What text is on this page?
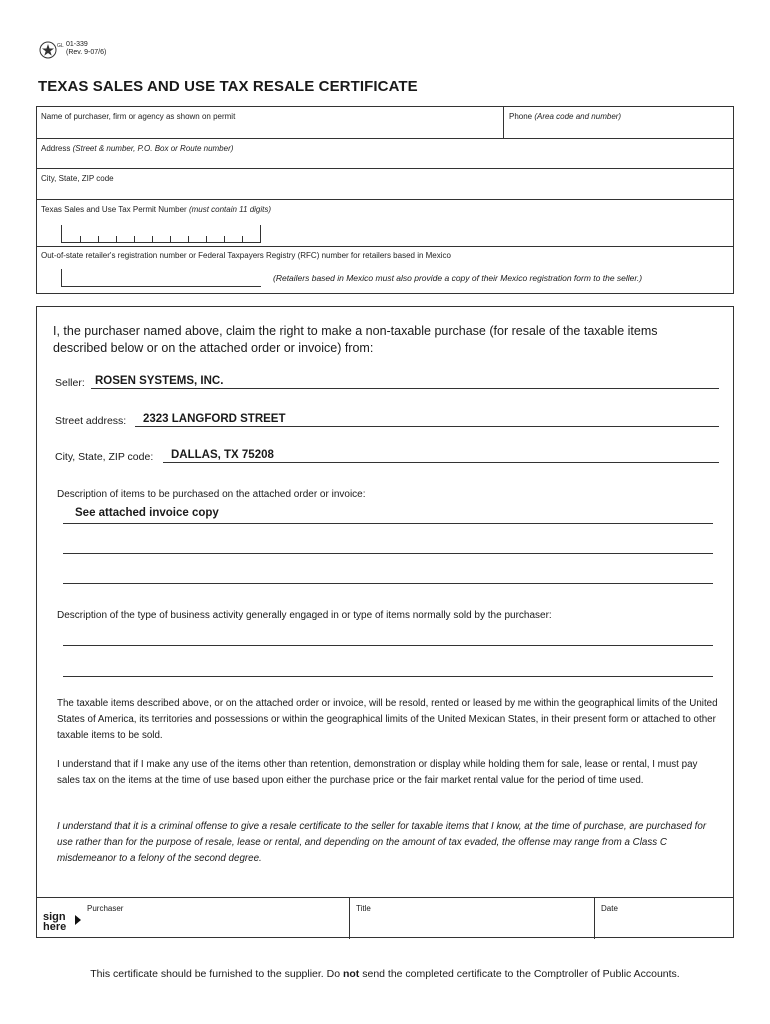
GL 01-339
(Rev. 9-07/6)
TEXAS SALES AND USE TAX RESALE CERTIFICATE
Name of purchaser, firm or agency as shown on permit	Phone (Area code and number)
Address (Street & number, P.O. Box or Route number)
City, State, ZIP code
Texas Sales and Use Tax Permit Number (must contain 11 digits)
Out-of-state retailer's registration number or Federal Taxpayers Registry (RFC) number for retailers based in Mexico
(Retailers based in Mexico must also provide a copy of their Mexico registration form to the seller.)
I, the purchaser named above, claim the right to make a non-taxable purchase (for resale of the taxable items described below or on the attached order or invoice) from:
Seller: ROSEN SYSTEMS, INC.
Street address: 2323 LANGFORD STREET
City, State, ZIP code: DALLAS, TX 75208
Description of items to be purchased on the attached order or invoice:
See attached invoice copy
Description of the type of business activity generally engaged in or type of items normally sold by the purchaser:
The taxable items described above, or on the attached order or invoice, will be resold, rented or leased by me within the geographical limits of the United States of America, its territories and possessions or within the geographical limits of the United Mexican States, in their present form or attached to other taxable items to be sold.
I understand that if I make any use of the items other than retention, demonstration or display while holding them for sale, lease or rental, I must pay sales tax on the items at the time of use based upon either the purchase price or the fair market rental value for the period of time used.
I understand that it is a criminal offense to give a resale certificate to the seller for taxable items that I know, at the time of purchase, are purchased for use rather than for the purpose of resale, lease or rental, and depending on the amount of tax evaded, the offense may range from a Class C misdemeanor to a felony of the second degree.
sign
here
Purchaser	Title	Date
This certificate should be furnished to the supplier. Do not send the completed certificate to the Comptroller of Public Accounts.
